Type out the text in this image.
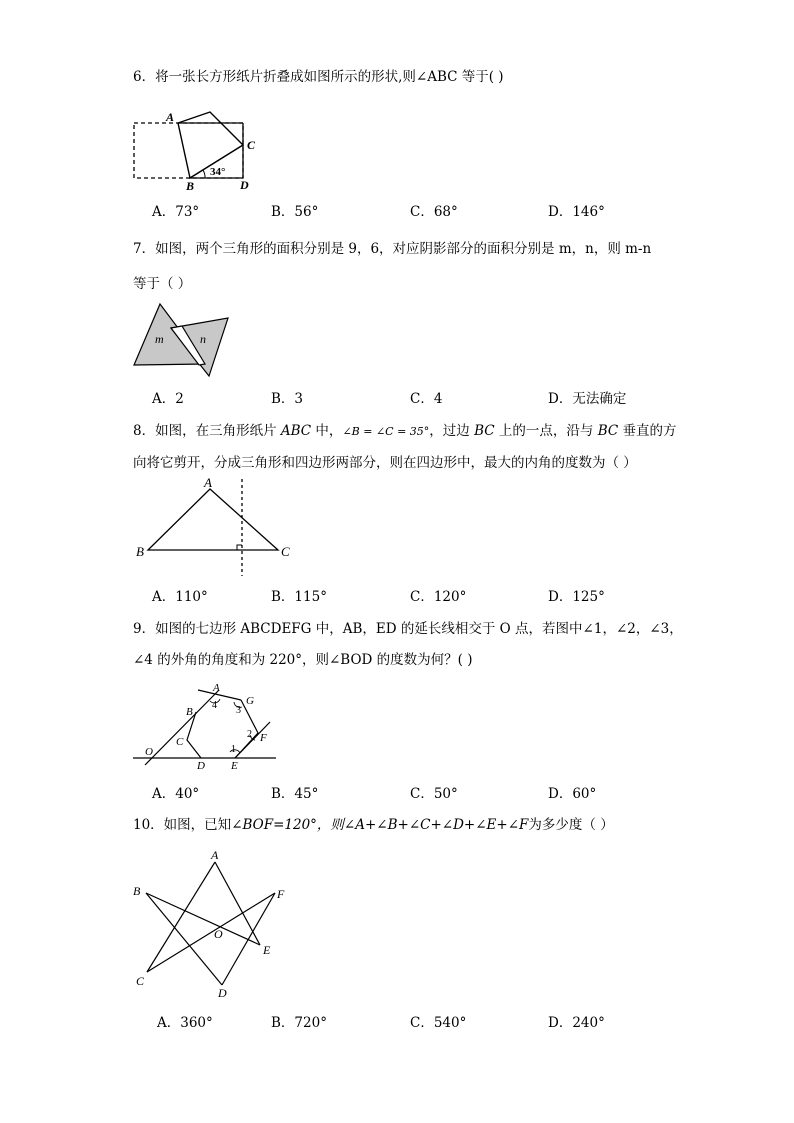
6．将一张长方形纸片折叠成如图所示的形状,则∠ABC 等于( )
A
B
C
D
34°
A．73°	B．56°	C．68°	D．146°
7．如图，两个三角形的面积分别是 9，6，对应阴影部分的面积分别是 m，n，则 m-n
等于（ ）
m	n
A．2	B．3	C．4	D．无法确定
8．如图，在三角形纸片 ABC 中，∠B = ∠C = 35°，过边 BC 上的一点，沿与 BC 垂直的方
向将它剪开，分成三角形和四边形两部分，则在四边形中，最大的内角的度数为（ ）
A
B	C
A．110°	B．115°	C．120°	D．125°
9．如图的七边形 ABCDEFG 中，AB，ED 的延长线相交于 O 点，若图中∠1，∠2，∠3，
∠4 的外角的角度和为 220°，则∠BOD 的度数为何？( )
A
B
C
D E
F
G
O	1
2
3
4
A．40°	B．45°	C．50°	D．60°
10．如图，已知∠BOF=120°，则∠A+∠B+∠C+∠D+∠E+∠F为多少度（ ）
A
B
C
D
E
F
O
A．360°	B．720°	C．540°	D．240°
